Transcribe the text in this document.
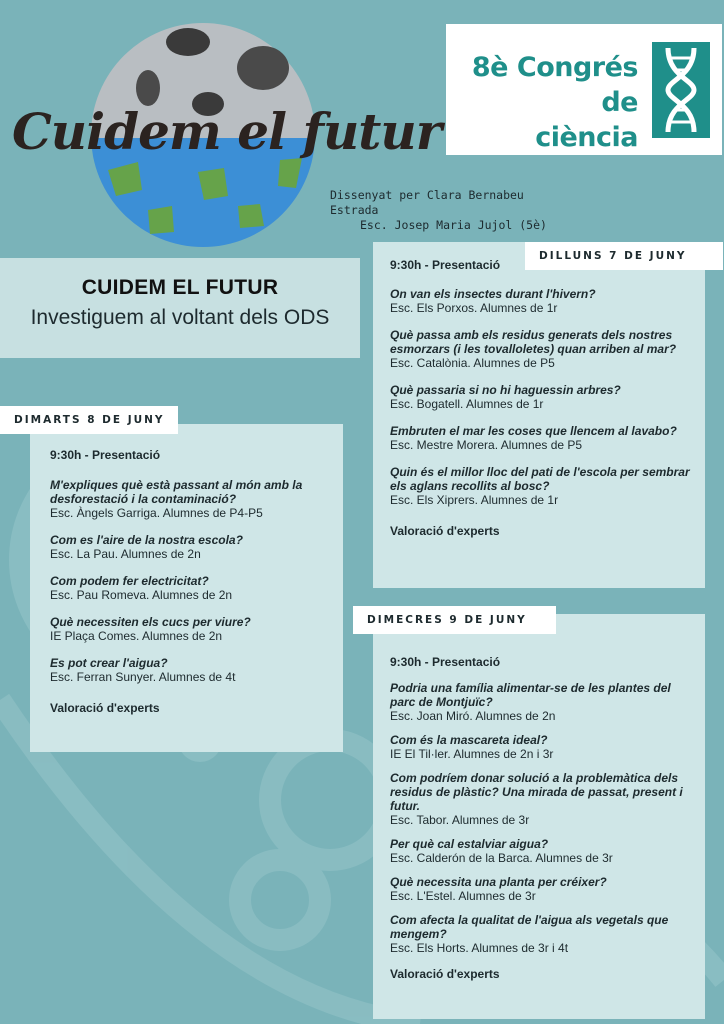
Cuidem el futur
8è Congrés de
ciència
Dissenyat per Clara Bernabeu Estrada
Esc. Josep Maria Jujol (5è)
CUIDEM EL FUTUR
Investiguem al voltant dels ODS
9:30h - Presentació
On van els insectes durant l'hivern?
Esc. Els Porxos. Alumnes de 1r
Què passa amb els residus generats dels nostres esmorzars (i les tovalloletes) quan arriben al mar?
Esc. Catalònia. Alumnes de P5
Què passaria si no hi haguessin arbres?
Esc. Bogatell. Alumnes de 1r
Embruten el mar les coses que llencem al lavabo?
Esc. Mestre Morera. Alumnes de P5
Quin és el millor lloc del pati de l'escola per sembrar els aglans recollits al bosc?
Esc. Els Xiprers. Alumnes de 1r
Valoració d'experts
DILLUNS 7 DE JUNY
9:30h - Presentació
M'expliques què està passant al món amb la desforestació i la contaminació?
Esc. Àngels Garriga. Alumnes de P4-P5
Com es l'aire de la nostra escola?
Esc. La Pau. Alumnes de 2n
Com podem fer electricitat?
Esc. Pau Romeva. Alumnes de 2n
Què necessiten els cucs per viure?
IE Plaça Comes. Alumnes de 2n
Es pot crear l'aigua?
Esc. Ferran Sunyer. Alumnes de 4t
Valoració d'experts
DIMARTS 8 DE JUNY
9:30h - Presentació
Podria una família alimentar-se de les plantes del parc de Montjuïc?
Esc. Joan Miró. Alumnes de 2n
Com és la mascareta ideal?
IE El Til·ler. Alumnes de 2n i 3r
Com podríem donar solució a la problemàtica dels residus de plàstic? Una mirada de passat, present i futur.
Esc. Tabor. Alumnes de 3r
Per què cal estalviar aigua?
Esc. Calderón de la Barca. Alumnes de 3r
Què necessita una planta per créixer?
Esc. L'Estel. Alumnes de 3r
Com afecta la qualitat de l'aigua als vegetals que mengem?
Esc. Els Horts. Alumnes de 3r i 4t
Valoració d'experts
DIMECRES 9 DE JUNY
